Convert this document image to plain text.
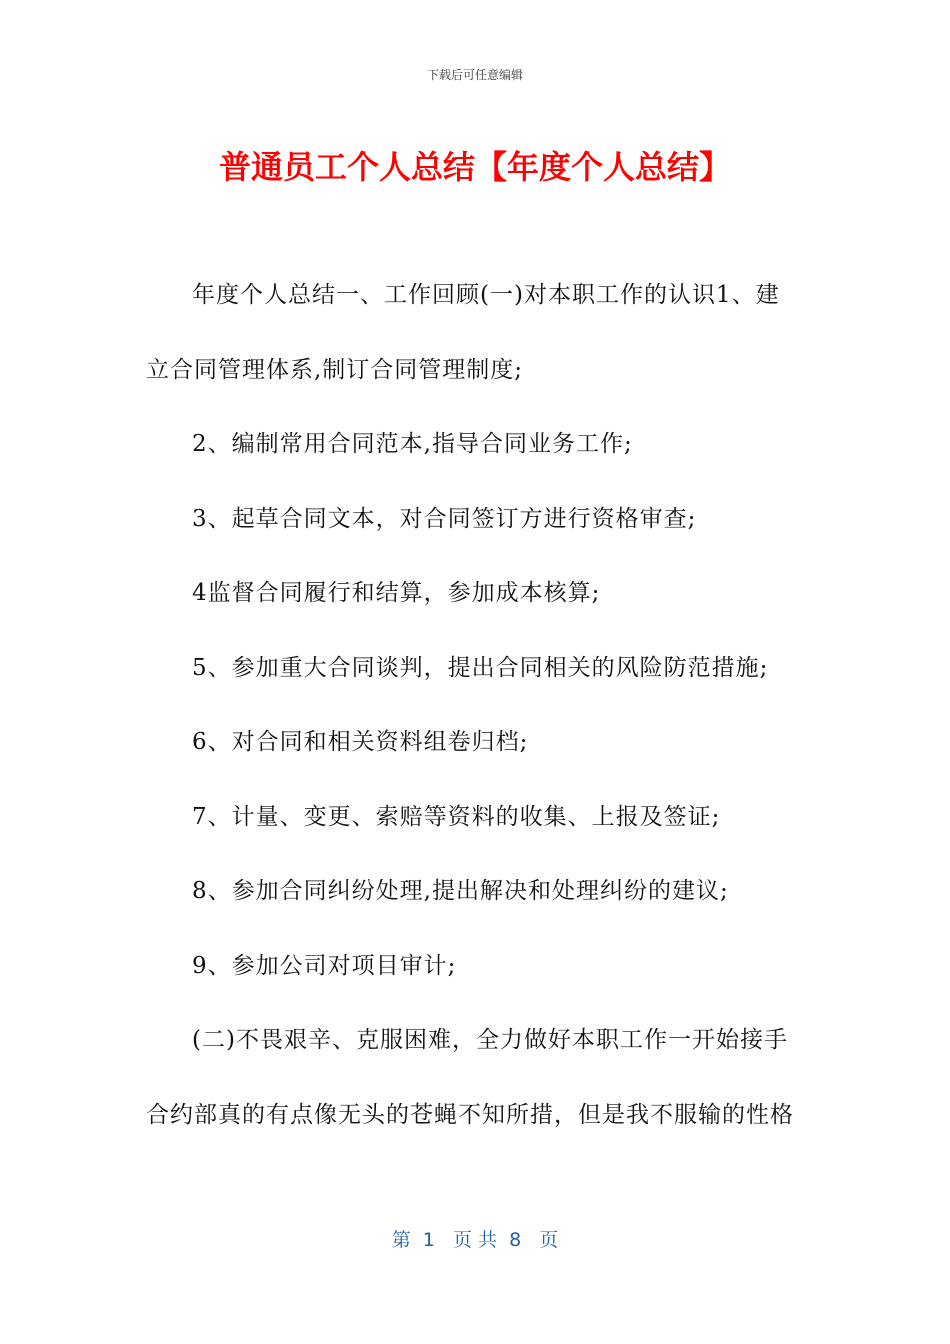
下载后可任意编辑
普通员工个人总结【年度个人总结】

年度个人总结一、工作回顾(一)对本职工作的认识1、建立合同管理体系,制订合同管理制度;

2、编制常用合同范本,指导合同业务工作;

3、起草合同文本，对合同签订方进行资格审查;

4监督合同履行和结算，参加成本核算;

5、参加重大合同谈判，提出合同相关的风险防范措施;

6、对合同和相关资料组卷归档;

7、计量、变更、索赔等资料的收集、上报及签证;

8、参加合同纠纷处理,提出解决和处理纠纷的建议;

9、参加公司对项目审计;

(二)不畏艰辛、克服困难，全力做好本职工作一开始接手合约部真的有点像无头的苍蝇不知所措，但是我不服输的性格

第  1   页 共  8   页
